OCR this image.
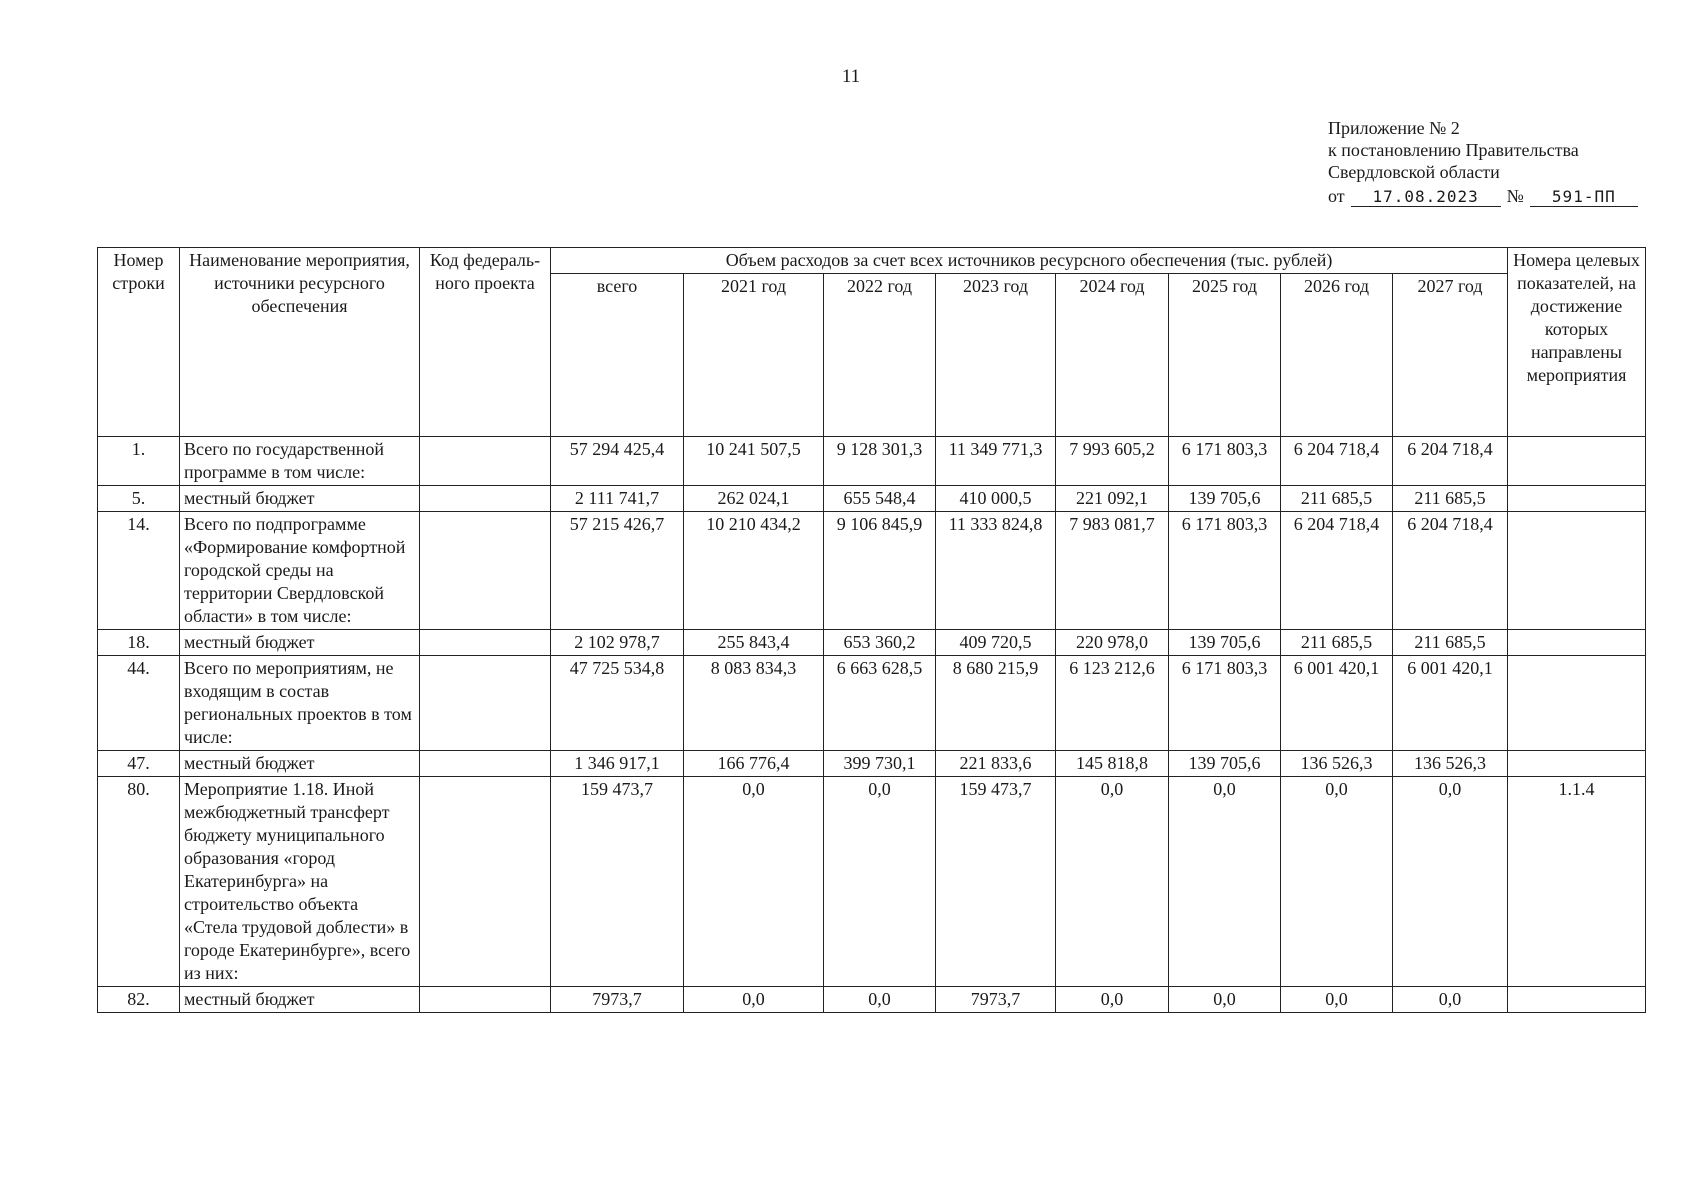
11
Приложение № 2
к постановлению Правительства
Свердловской области
от	17.08.2023	№	591-ПП
Номер строки	Наименование мероприятия, источники ресурсного обеспечения	Код федераль-ного проекта	Объем расходов за счет всех источников ресурсного обеспечения (тыс. рублей)								Номера целевых показателей, на достижение которых направлены мероприятия
			всего	2021 год	2022 год	2023 год	2024 год	2025 год	2026 год	2027 год	
1.	Всего по государственной программе в том числе:		57 294 425,4	10 241 507,5	9 128 301,3	11 349 771,3	7 993 605,2	6 171 803,3	6 204 718,4	6 204 718,4	
5.	местный бюджет		2 111 741,7	262 024,1	655 548,4	410 000,5	221 092,1	139 705,6	211 685,5	211 685,5	
14.	Всего по подпрограмме «Формирование комфортной городской среды на территории Свердловской области» в том числе:		57 215 426,7	10 210 434,2	9 106 845,9	11 333 824,8	7 983 081,7	6 171 803,3	6 204 718,4	6 204 718,4	
18.	местный бюджет		2 102 978,7	255 843,4	653 360,2	409 720,5	220 978,0	139 705,6	211 685,5	211 685,5	
44.	Всего по мероприятиям, не входящим в состав региональных проектов в том числе:		47 725 534,8	8 083 834,3	6 663 628,5	8 680 215,9	6 123 212,6	6 171 803,3	6 001 420,1	6 001 420,1	
47.	местный бюджет		1 346 917,1	166 776,4	399 730,1	221 833,6	145 818,8	139 705,6	136 526,3	136 526,3	
80.	Мероприятие 1.18. Иной межбюджетный трансферт бюджету муниципального образования «город Екатеринбурга» на строительство объекта «Стела трудовой доблести» в городе Екатеринбурге», всего из них:		159 473,7	0,0	0,0	159 473,7	0,0	0,0	0,0	0,0	1.1.4
82.	местный бюджет		7973,7	0,0	0,0	7973,7	0,0	0,0	0,0	0,0	
